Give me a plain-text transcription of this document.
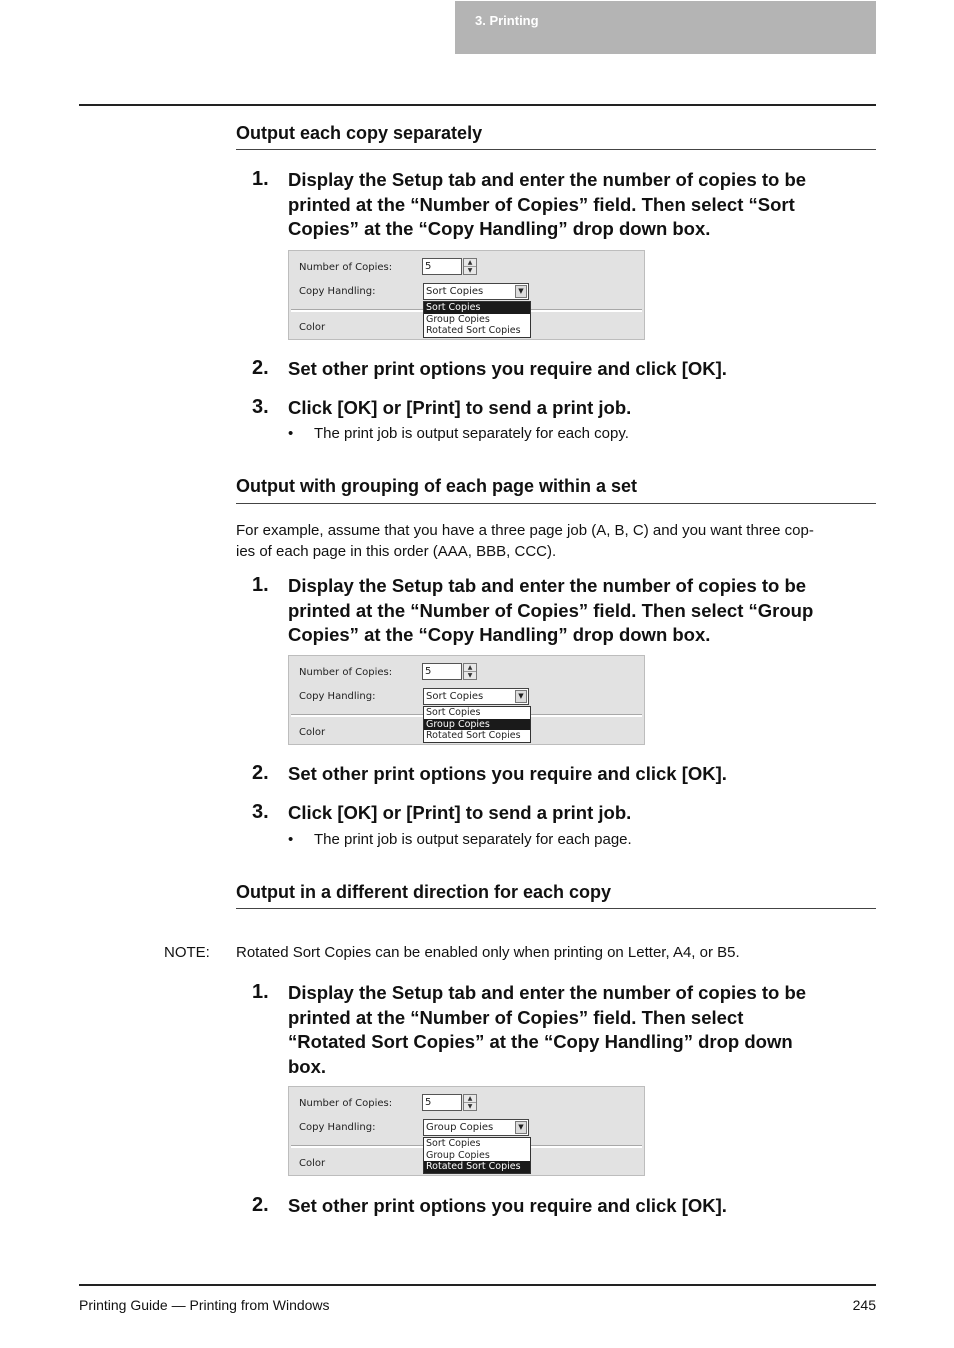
3. Printing
Output each copy separately
1. Display the Setup tab and enter the number of copies to be
printed at the “Number of Copies” field. Then select “Sort
Copies” at the “Copy Handling” drop down box.
Number of Copies:	5	▲
▼
Copy Handling:	Sort Copies	▼
Color
Sort Copies
Group Copies
Rotated Sort Copies
2. Set other print options you require and click [OK].
3. Click [OK] or [Print] to send a print job.
• The print job is output separately for each copy.
Output with grouping of each page within a set
For example, assume that you have a three page job (A, B, C) and you want three cop-
ies of each page in this order (AAA, BBB, CCC).
1. Display the Setup tab and enter the number of copies to be
printed at the “Number of Copies” field. Then select “Group
Copies” at the “Copy Handling” drop down box.
Number of Copies:	5	▲
▼
Copy Handling:	Sort Copies	▼
Color
Sort Copies
Group Copies
Rotated Sort Copies
2. Set other print options you require and click [OK].
3. Click [OK] or [Print] to send a print job.
• The print job is output separately for each page.
Output in a different direction for each copy
NOTE: Rotated Sort Copies can be enabled only when printing on Letter, A4, or B5.
1. Display the Setup tab and enter the number of copies to be
printed at the “Number of Copies” field. Then select
“Rotated Sort Copies” at the “Copy Handling” drop down
box.
Number of Copies:	5	▲
▼
Copy Handling:	Group Copies	▼
Color
Sort Copies
Group Copies
Rotated Sort Copies
2. Set other print options you require and click [OK].
Printing Guide — Printing from Windows	245
